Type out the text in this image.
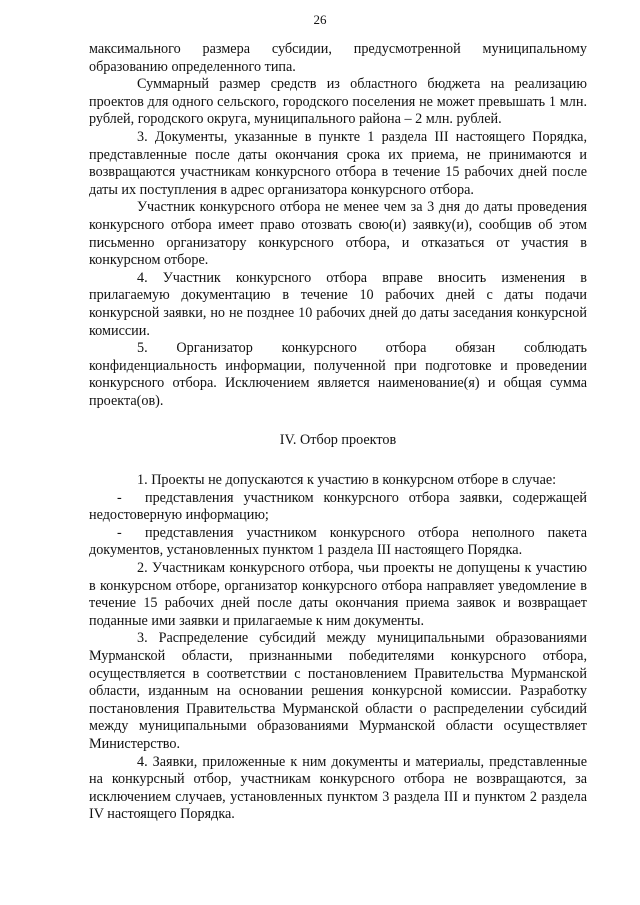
26

максимального размера субсидии, предусмотренной муниципальному образованию определенного типа.

Суммарный размер средств из областного бюджета на реализацию проектов для одного сельского, городского поселения не может превышать 1 млн. рублей, городского округа, муниципального района – 2 млн. рублей.

3. Документы, указанные в пункте 1 раздела III настоящего Порядка, представленные после даты окончания срока их приема, не принимаются и возвращаются участникам конкурсного отбора в течение 15 рабочих дней после даты их поступления в адрес организатора конкурсного отбора.

Участник конкурсного отбора не менее чем за 3 дня до даты проведения конкурсного отбора имеет право отозвать свою(и) заявку(и), сообщив об этом письменно организатору конкурсного отбора, и отказаться от участия в конкурсном отборе.

4. Участник конкурсного отбора вправе вносить изменения в прилагаемую документацию в течение 10 рабочих дней с даты подачи конкурсной заявки, но не позднее 10 рабочих дней до даты заседания конкурсной комиссии.

5. Организатор конкурсного отбора обязан соблюдать конфиденциальность информации, полученной при подготовке и проведении конкурсного отбора. Исключением является наименование(я) и общая сумма проекта(ов).

IV. Отбор проектов

1. Проекты не допускаются к участию в конкурсном отборе в случае:

- представления участником конкурсного отбора заявки, содержащей недостоверную информацию;

- представления участником конкурсного отбора неполного пакета документов, установленных пунктом 1 раздела III настоящего Порядка.

2. Участникам конкурсного отбора, чьи проекты не допущены к участию в конкурсном отборе, организатор конкурсного отбора направляет уведомление в течение 15 рабочих дней после даты окончания приема заявок и возвращает поданные ими заявки и прилагаемые к ним документы.

3. Распределение субсидий между муниципальными образованиями Мурманской области, признанными победителями конкурсного отбора, осуществляется в соответствии с постановлением Правительства Мурманской области, изданным на основании решения конкурсной комиссии. Разработку постановления Правительства Мурманской области о распределении субсидий между муниципальными образованиями Мурманской области осуществляет Министерство.

4. Заявки, приложенные к ним документы и материалы, представленные на конкурсный отбор, участникам конкурсного отбора не возвращаются, за исключением случаев, установленных пунктом 3 раздела III и пунктом 2 раздела IV настоящего Порядка.
